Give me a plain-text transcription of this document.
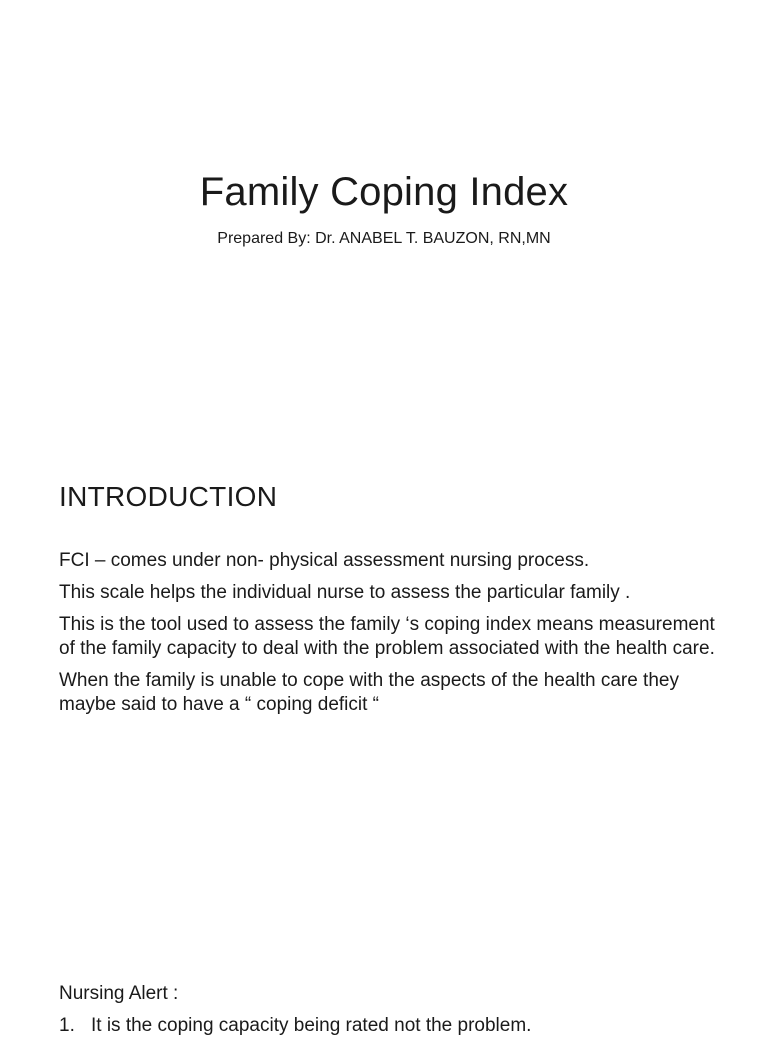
Family Coping Index
Prepared By: Dr. ANABEL T. BAUZON, RN,MN
INTRODUCTION
FCI – comes under non- physical assessment nursing process.
This scale helps the individual nurse to assess the particular family .
This is the tool used to assess the family ‘s coping index means measurement of the family capacity to deal with the problem associated with the health care.
When the family is unable to cope with the aspects of the health care they maybe said to have a “ coping deficit “
Nursing Alert :
1. It is the coping capacity being rated not the problem.
